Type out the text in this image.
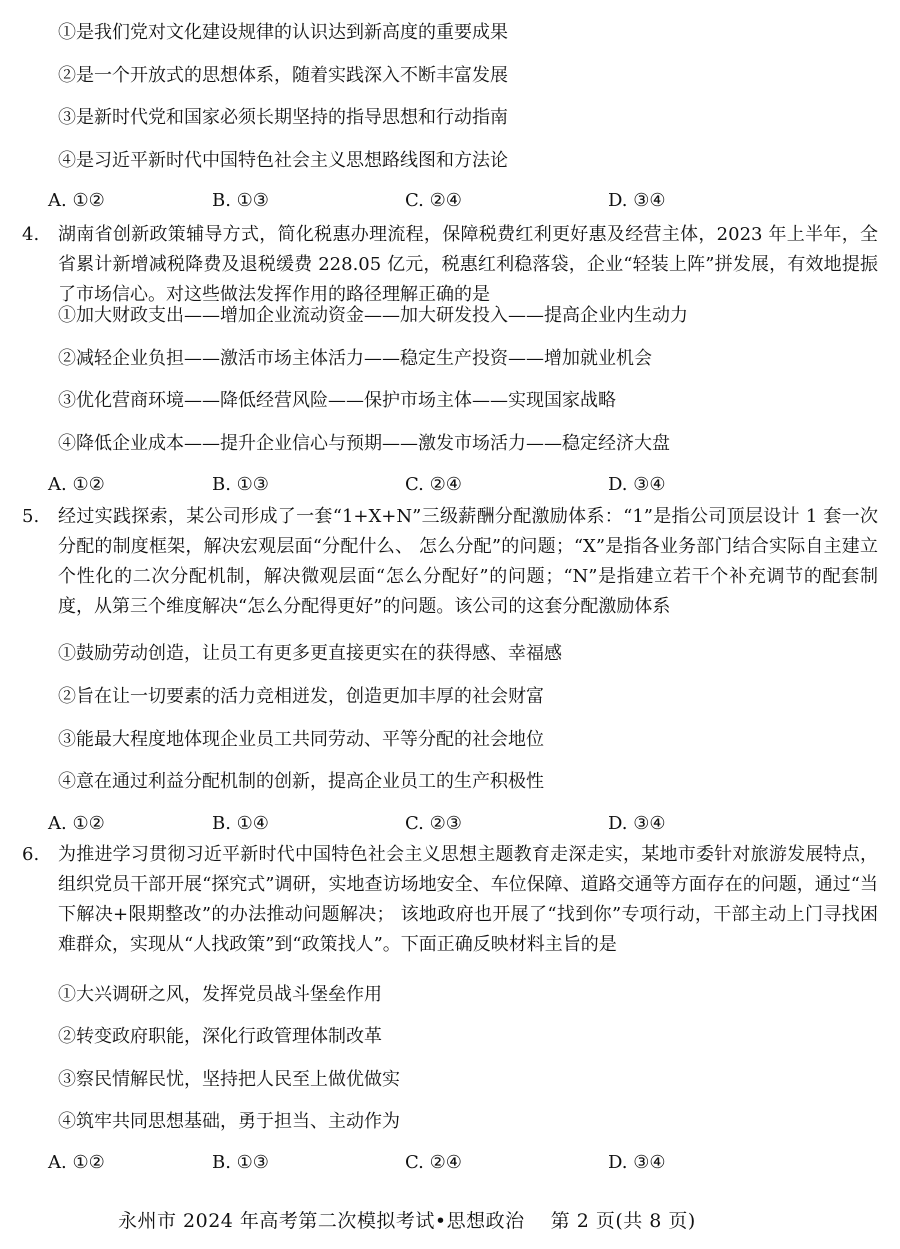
①是我们党对文化建设规律的认识达到新高度的重要成果
②是一个开放式的思想体系，随着实践深入不断丰富发展
③是新时代党和国家必须长期坚持的指导思想和行动指南
④是习近平新时代中国特色社会主义思想路线图和方法论
A. ①②	B. ①③	C. ②④	D. ③④
4. 湖南省创新政策辅导方式，简化税惠办理流程，保障税费红利更好惠及经营主体，2023 年上半年，全省累计新增减税降费及退税缓费 228.05 亿元，税惠红利稳落袋，企业“轻装上阵”拼发展，有效地提振了市场信心。对这些做法发挥作用的路径理解正确的是
①加大财政支出——增加企业流动资金——加大研发投入——提高企业内生动力
②减轻企业负担——激活市场主体活力——稳定生产投资——增加就业机会
③优化营商环境——降低经营风险——保护市场主体——实现国家战略
④降低企业成本——提升企业信心与预期——激发市场活力——稳定经济大盘
A. ①②	B. ①③	C. ②④	D. ③④
5. 经过实践探索，某公司形成了一套“1+X+N”三级薪酬分配激励体系：“1”是指公司顶层设计 1 套一次分配的制度框架，解决宏观层面“分配什么、 怎么分配”的问题；“X”是指各业务部门结合实际自主建立个性化的二次分配机制，解决微观层面“怎么分配好”的问题；“N”是指建立若干个补充调节的配套制度，从第三个维度解决“怎么分配得更好”的问题。该公司的这套分配激励体系
①鼓励劳动创造，让员工有更多更直接更实在的获得感、幸福感
②旨在让一切要素的活力竞相迸发，创造更加丰厚的社会财富
③能最大程度地体现企业员工共同劳动、平等分配的社会地位
④意在通过利益分配机制的创新，提高企业员工的生产积极性
A. ①②	B. ①④	C. ②③	D. ③④
6. 为推进学习贯彻习近平新时代中国特色社会主义思想主题教育走深走实，某地市委针对旅游发展特点，组织党员干部开展“探究式”调研，实地查访场地安全、车位保障、道路交通等方面存在的问题，通过“当下解决+限期整改”的办法推动问题解决； 该地政府也开展了“找到你”专项行动，干部主动上门寻找困难群众，实现从“人找政策”到“政策找人”。下面正确反映材料主旨的是
①大兴调研之风，发挥党员战斗堡垒作用
②转变政府职能，深化行政管理体制改革
③察民情解民忧，坚持把人民至上做优做实
④筑牢共同思想基础，勇于担当、主动作为
A. ①②	B. ①③	C. ②④	D. ③④
永州市 2024 年高考第二次模拟考试•思想政治　 第 2 页(共 8 页)
